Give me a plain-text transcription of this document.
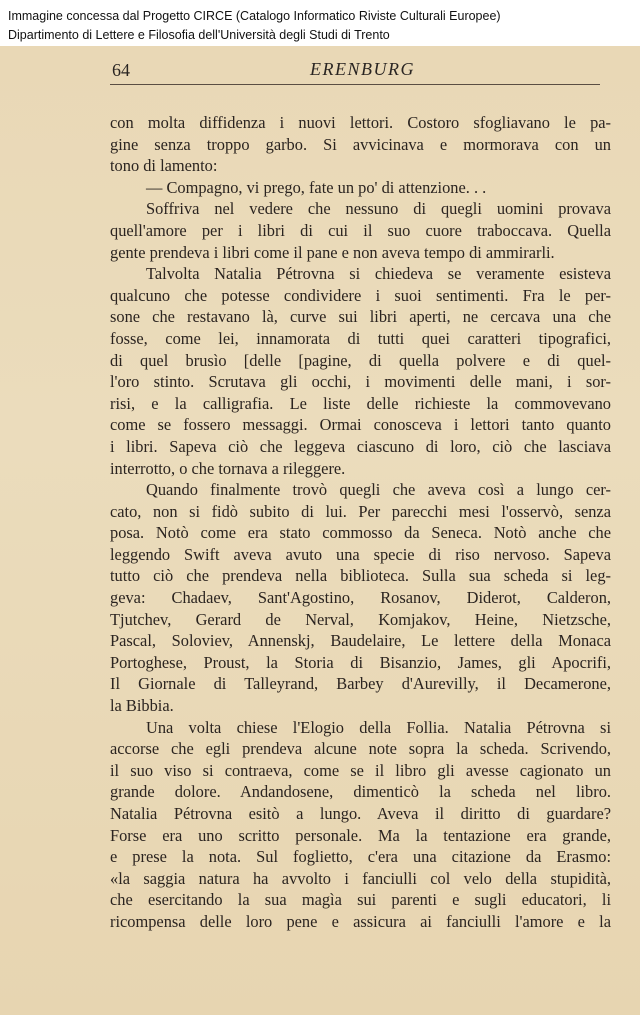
Immagine concessa dal Progetto CIRCE (Catalogo Informatico Riviste Culturali Europee)
Dipartimento di Lettere e Filosofia dell'Università degli Studi di Trento
64	ERENBURG
con molta diffidenza i nuovi lettori. Costoro sfogliavano le pa-
gine senza troppo garbo. Si avvicinava e mormorava con un
tono di lamento:
— Compagno, vi prego, fate un po' di attenzione. . .
Soffriva nel vedere che nessuno di quegli uomini provava
quell'amore per i libri di cui il suo cuore traboccava. Quella
gente prendeva i libri come il pane e non aveva tempo di ammirarli.
Talvolta Natalia Pétrovna si chiedeva se veramente esisteva
qualcuno che potesse condividere i suoi sentimenti. Fra le per-
sone che restavano là, curve sui libri aperti, ne cercava una che
fosse, come lei, innamorata di tutti quei caratteri tipografici,
di quel brusìo [delle [pagine, di quella polvere e di quel-
l'oro stinto. Scrutava gli occhi, i movimenti delle mani, i sor-
risi, e la calligrafia. Le liste delle richieste la commovevano
come se fossero messaggi. Ormai conosceva i lettori tanto quanto
i libri. Sapeva ciò che leggeva ciascuno di loro, ciò che lasciava
interrotto, o che tornava a rileggere.
Quando finalmente trovò quegli che aveva così a lungo cer-
cato, non si fidò subito di lui. Per parecchi mesi l'osservò, senza
posa. Notò come era stato commosso da Seneca. Notò anche che
leggendo Swift aveva avuto una specie di riso nervoso. Sapeva
tutto ciò che prendeva nella biblioteca. Sulla sua scheda si leg-
geva: Chadaev, Sant'Agostino, Rosanov, Diderot, Calderon,
Tjutchev, Gerard de Nerval, Komjakov, Heine, Nietzsche,
Pascal, Soloviev, Annenskj, Baudelaire, Le lettere della Monaca
Portoghese, Proust, la Storia di Bisanzio, James, gli Apocrifi,
Il Giornale di Talleyrand, Barbey d'Aurevilly, il Decamerone,
la Bibbia.
Una volta chiese l'Elogio della Follia. Natalia Pétrovna si
accorse che egli prendeva alcune note sopra la scheda. Scrivendo,
il suo viso si contraeva, come se il libro gli avesse cagionato un
grande dolore. Andandosene, dimenticò la scheda nel libro.
Natalia Pétrovna esitò a lungo. Aveva il diritto di guardare?
Forse era uno scritto personale. Ma la tentazione era grande,
e prese la nota. Sul foglietto, c'era una citazione da Erasmo:
«la saggia natura ha avvolto i fanciulli col velo della stupidità,
che esercitando la sua magìa sui parenti e sugli educatori, li
ricompensa delle loro pene e assicura ai fanciulli l'amore e la
